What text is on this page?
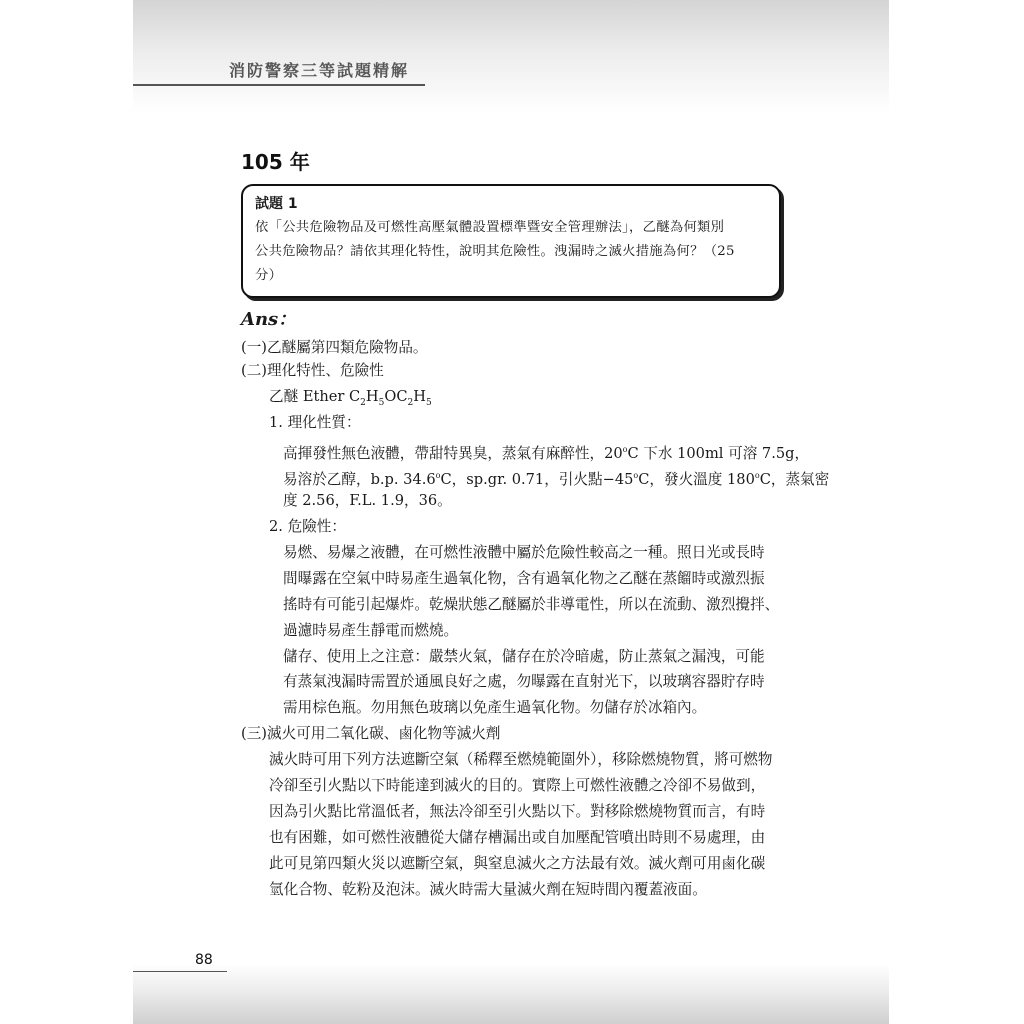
消防警察三等試題精解
105 年
試題 1
依「公共危險物品及可燃性高壓氣體設置標準暨安全管理辦法」，乙醚為何類別
公共危險物品？請依其理化特性，說明其危險性。洩漏時之滅火措施為何？（25
分）
Ans：
(一)乙醚屬第四類危險物品。
(二)理化特性、危險性
乙醚 Ether $C_2H_5OC_2H_5$
1. 理化性質：
高揮發性無色液體，帶甜特異臭，蒸氣有麻醉性，20$^o$C 下水 100ml 可溶 7.5g，
易溶於乙醇，b.p. 34.6$^o$C，sp.gr. 0.71，引火點$-45^oC$，發火溫度 180$^o$C，蒸氣密
度 2.56，F.L. 1.9，36。
2. 危險性：
易燃、易爆之液體，在可燃性液體中屬於危險性較高之一種。照日光或長時
間曝露在空氣中時易產生過氧化物，含有過氧化物之乙醚在蒸餾時或激烈振
搖時有可能引起爆炸。乾燥狀態乙醚屬於非導電性，所以在流動、激烈攪拌、
過濾時易產生靜電而燃燒。
儲存、使用上之注意：嚴禁火氣，儲存在於冷暗處，防止蒸氣之漏洩，可能
有蒸氣洩漏時需置於通風良好之處，勿曝露在直射光下，以玻璃容器貯存時
需用棕色瓶。勿用無色玻璃以免產生過氧化物。勿儲存於冰箱內。
(三)滅火可用二氧化碳、鹵化物等滅火劑
滅火時可用下列方法遮斷空氣（稀釋至燃燒範圍外），移除燃燒物質，將可燃物
冷卻至引火點以下時能達到滅火的目的。實際上可燃性液體之冷卻不易做到，
因為引火點比常溫低者，無法冷卻至引火點以下。對移除燃燒物質而言，有時
也有困難，如可燃性液體從大儲存槽漏出或自加壓配管噴出時則不易處理，由
此可見第四類火災以遮斷空氣，與窒息滅火之方法最有效。滅火劑可用鹵化碳
氫化合物、乾粉及泡沫。滅火時需大量滅火劑在短時間內覆蓋液面。
88
